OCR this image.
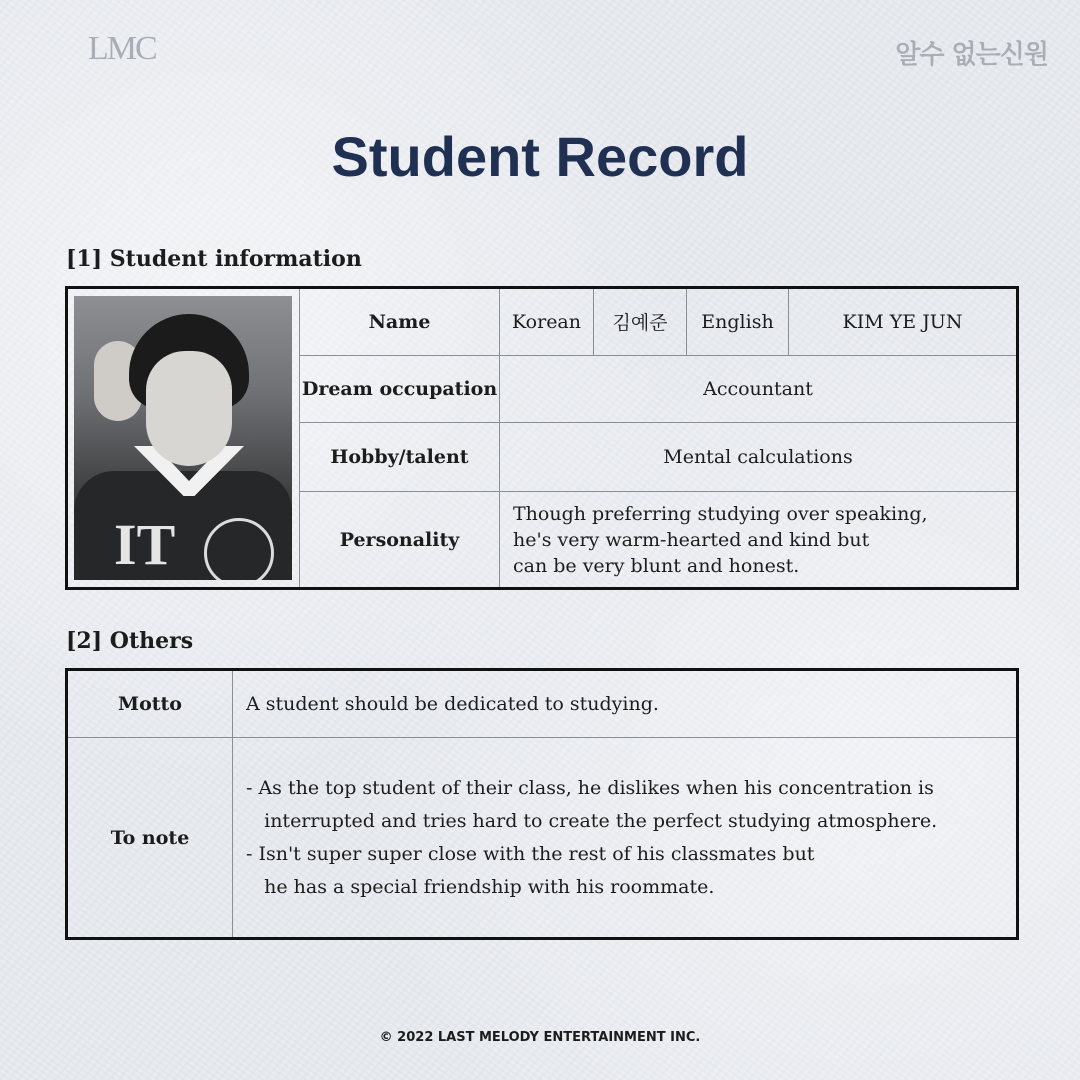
LMC	알수 없는신원
Student Record
[1] Student information
IT	Name	Korean	김예준	English	KIM YE JUN
	Dream occupation	Accountant			
	Hobby/talent	Mental calculations			
	Personality	Though preferring studying over speaking,
he's very warm-hearted and kind but
can be very blunt and honest.			
[2] Others
Motto	A student should be dedicated to studying.
To note	- As the top student of their class, he dislikes when his concentration is
interrupted and tries hard to create the perfect studying atmosphere.
- Isn't super super close with the rest of his classmates but
he has a special friendship with his roommate.
© 2022 LAST MELODY ENTERTAINMENT INC.
